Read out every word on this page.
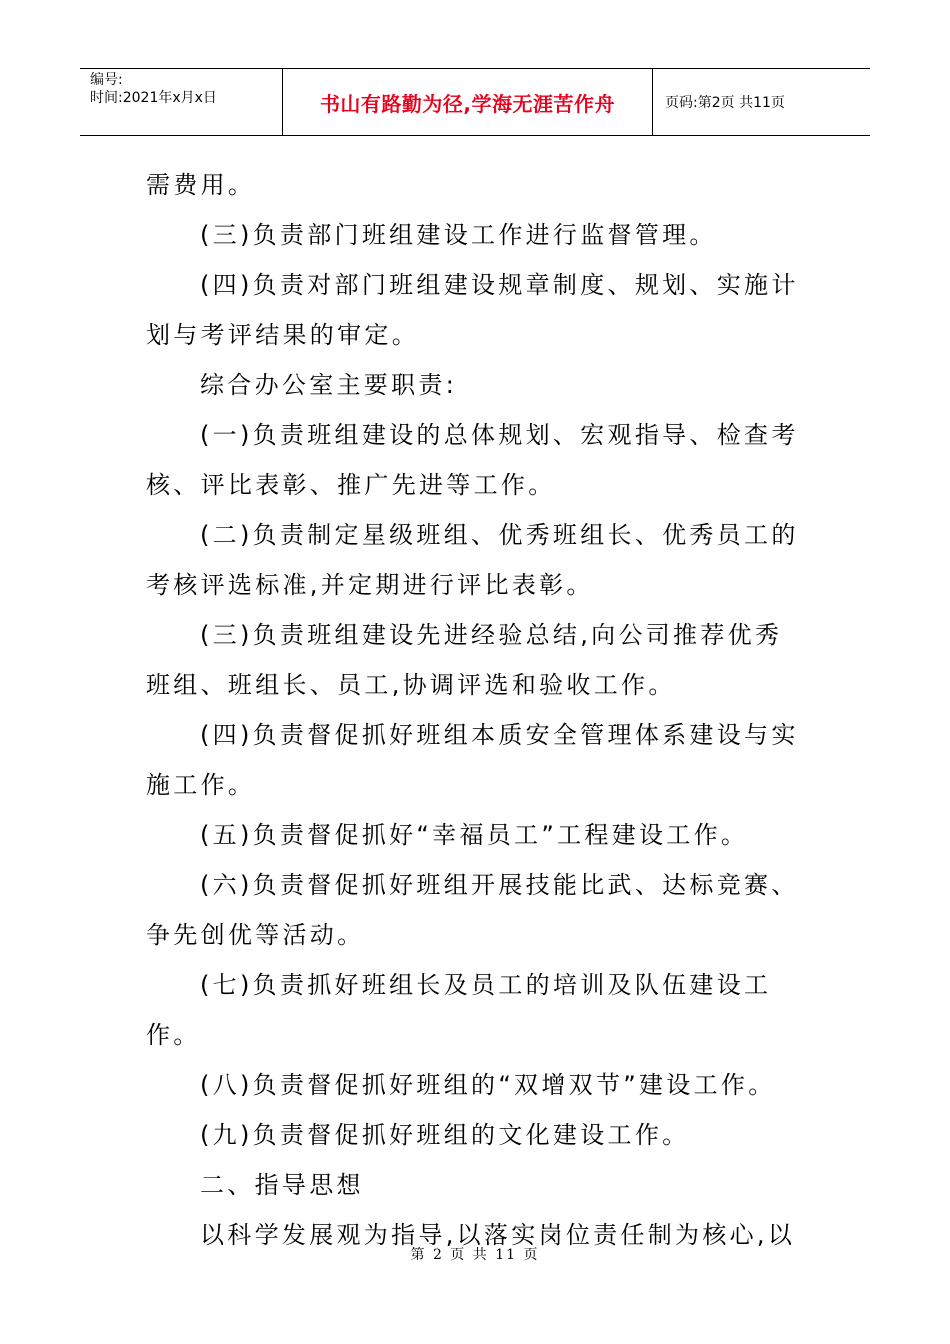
编号:
时间:2021年x月x日	书山有路勤为径,学海无涯苦作舟	页码:第2页 共11页

需费用。

(三)负责部门班组建设工作进行监督管理。

(四)负责对部门班组建设规章制度、规划、实施计划与考评结果的审定。

综合办公室主要职责:

(一)负责班组建设的总体规划、宏观指导、检查考核、评比表彰、推广先进等工作。

(二)负责制定星级班组、优秀班组长、优秀员工的考核评选标准,并定期进行评比表彰。

(三)负责班组建设先进经验总结,向公司推荐优秀班组、班组长、员工,协调评选和验收工作。

(四)负责督促抓好班组本质安全管理体系建设与实施工作。

(五)负责督促抓好“幸福员工”工程建设工作。

(六)负责督促抓好班组开展技能比武、达标竞赛、争先创优等活动。

(七)负责抓好班组长及员工的培训及队伍建设工作。

(八)负责督促抓好班组的“双增双节”建设工作。

(九)负责督促抓好班组的文化建设工作。

二、指导思想

以科学发展观为指导,以落实岗位责任制为核心,以

第 2 页 共 11 页
